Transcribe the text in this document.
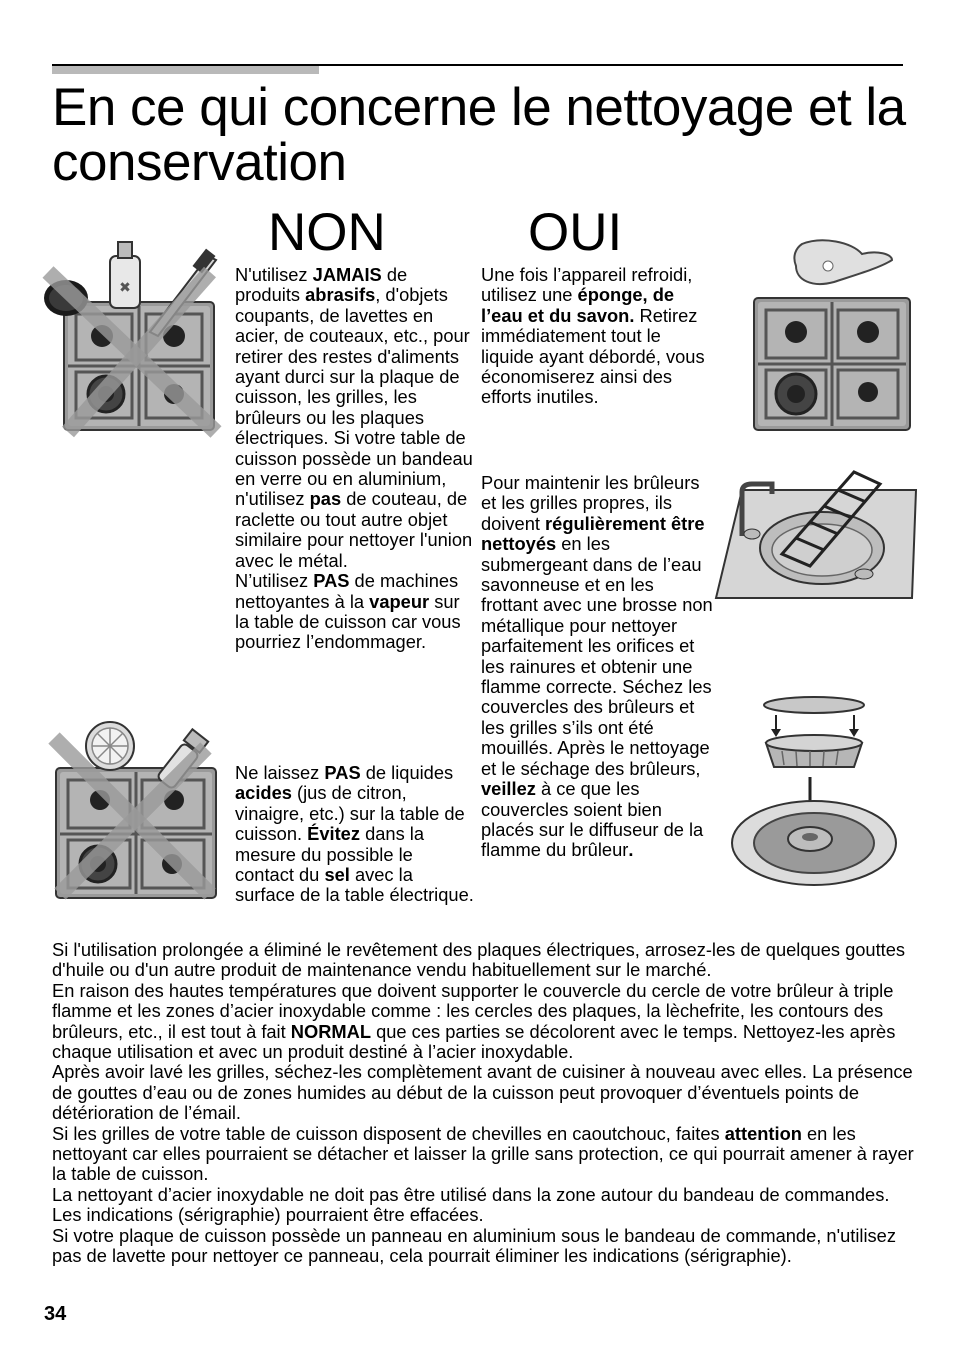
En ce qui concerne le nettoyage et la conservation
NON	OUI

N'utilisez JAMAIS de produits abrasifs, d'objets coupants, de lavettes en acier, de couteaux, etc., pour retirer des restes d'aliments ayant durci sur la plaque de cuisson, les grilles, les brûleurs ou les plaques électriques. Si votre table de cuisson possède un bandeau en verre ou en aluminium, n'utilisez pas de couteau, de raclette ou tout autre objet similaire pour nettoyer l'union avec le métal.

N’utilisez PAS de machines nettoyantes à la vapeur sur la table de cuisson car vous pourriez l’endommager.

Ne laissez PAS de liquides acides (jus de citron, vinaigre, etc.) sur la table de cuisson. Évitez dans la mesure du possible le contact du sel avec la surface de la table électrique.

Une fois l’appareil refroidi, utilisez une éponge, de l’eau et du savon. Retirez immédiatement tout le liquide ayant débordé, vous économiserez ainsi des efforts inutiles.

Pour maintenir les brûleurs et les grilles propres, ils doivent régulièrement être nettoyés en les submergeant dans de l’eau savonneuse et en les frottant avec une brosse non métallique pour nettoyer parfaitement les orifices et les rainures et obtenir une flamme correcte. Séchez les couvercles des brûleurs et les grilles s’ils ont été mouillés. Après le nettoyage et le séchage des brûleurs, veillez à ce que les couvercles soient bien placés sur le diffuseur de la flamme du brûleur.

Si l'utilisation prolongée a éliminé le revêtement des plaques électriques, arrosez-les de quelques gouttes d'huile ou d'un autre produit de maintenance vendu habituellement sur le marché.

En raison des hautes températures que doivent supporter le couvercle du cercle de votre brûleur à triple flamme et les zones d’acier inoxydable comme : les cercles des plaques, la lèchefrite, les contours des brûleurs, etc., il est tout à fait NORMAL que ces parties se décolorent avec le temps. Nettoyez-les après chaque utilisation et avec un produit destiné à l’acier inoxydable.

Après avoir lavé les grilles, séchez-les complètement avant de cuisiner à nouveau avec elles. La présence de gouttes d’eau ou de zones humides au début de la cuisson peut provoquer d’éventuels points de détérioration de l’émail.

Si les grilles de votre table de cuisson disposent de chevilles en caoutchouc, faites attention en les nettoyant car elles pourraient se détacher et laisser la grille sans protection, ce qui pourrait amener à rayer la table de cuisson.

La nettoyant d’acier inoxydable ne doit pas être utilisé dans la zone autour du bandeau de commandes. Les indications (sérigraphie) pourraient être effacées.

Si votre plaque de cuisson possède un panneau en aluminium sous le bandeau de commande, n'utilisez pas de lavette pour nettoyer ce panneau, cela pourrait éliminer les indications (sérigraphie).

34
✖
